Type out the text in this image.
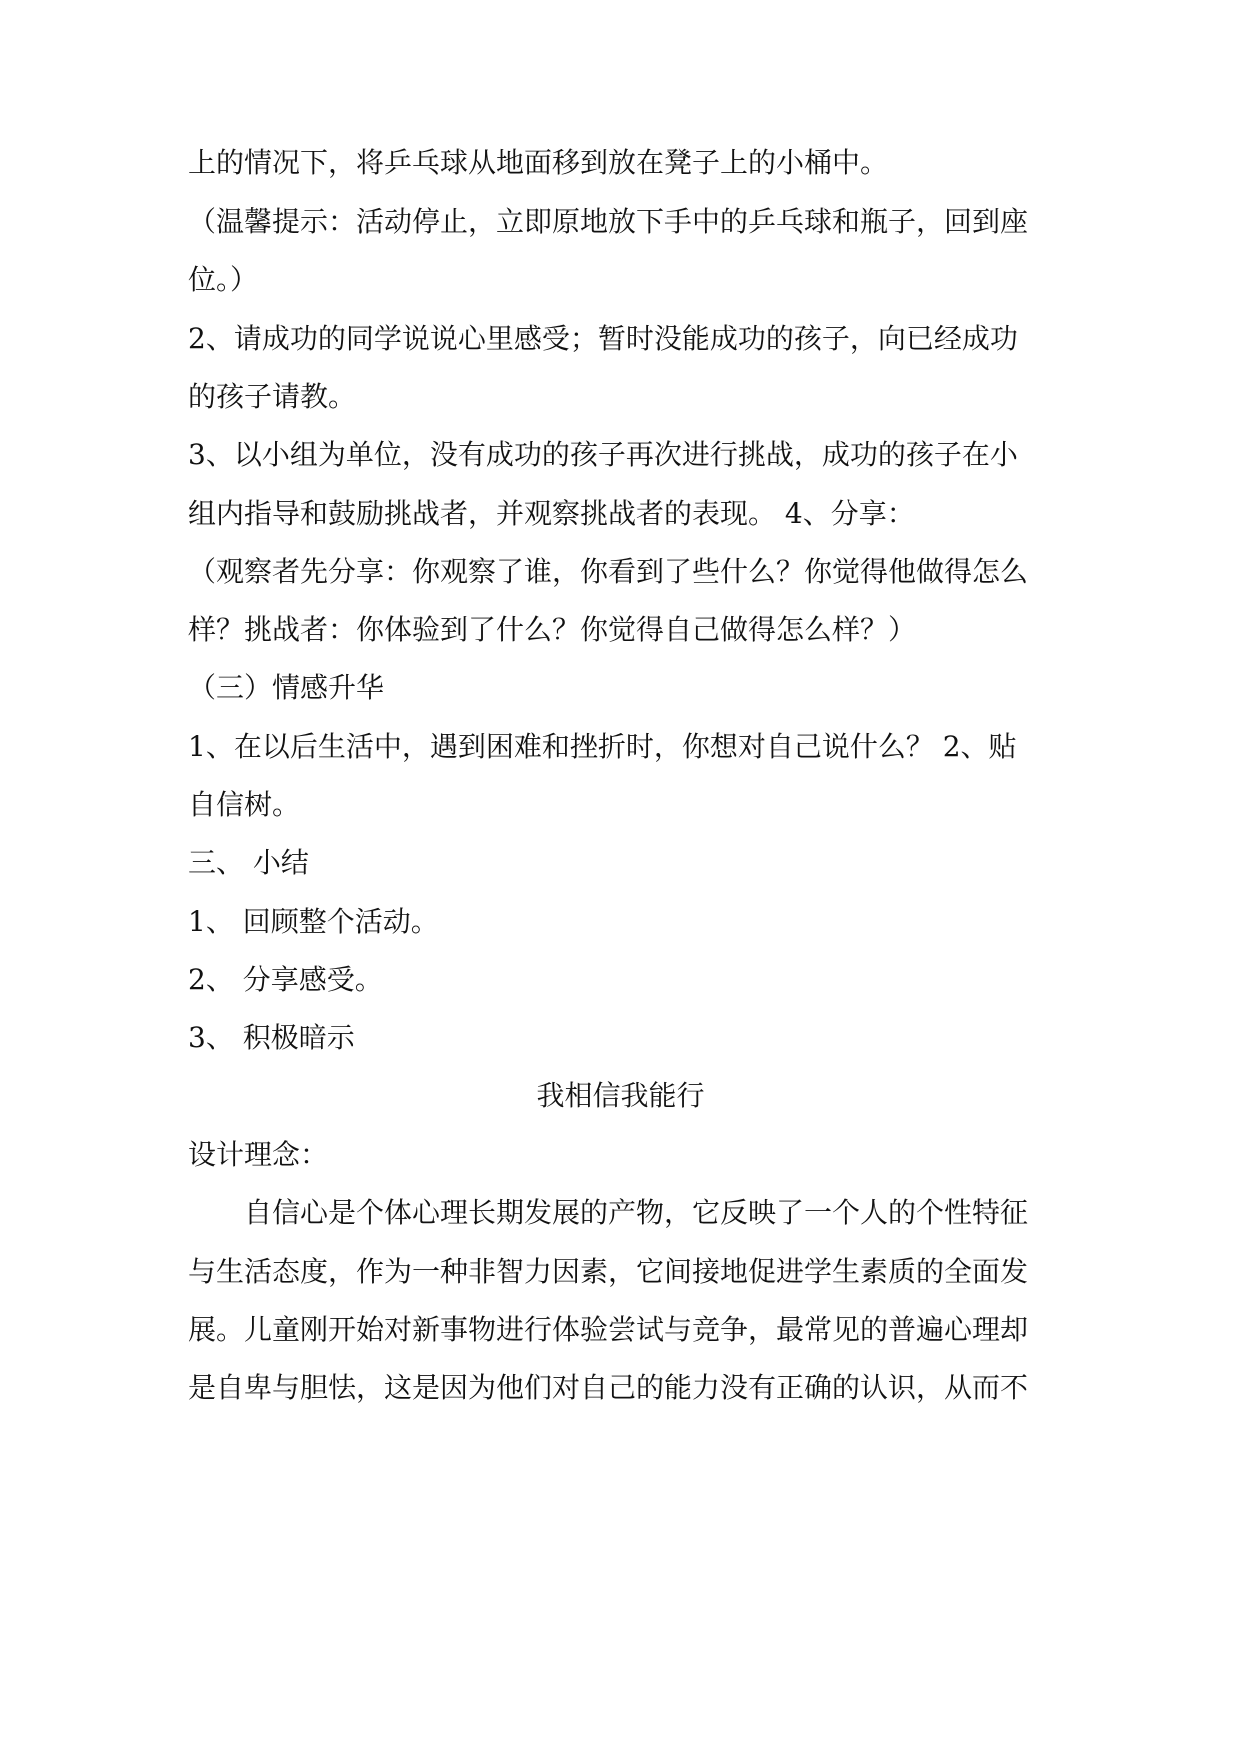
上的情况下，将乒乓球从地面移到放在凳子上的小桶中。

（温馨提示：活动停止，立即原地放下手中的乒乓球和瓶子，回到座

位。）

2、请成功的同学说说心里感受；暂时没能成功的孩子，向已经成功

的孩子请教。

3、以小组为单位，没有成功的孩子再次进行挑战，成功的孩子在小

组内指导和鼓励挑战者，并观察挑战者的表现。 4、分享：

（观察者先分享：你观察了谁，你看到了些什么？你觉得他做得怎么

样？挑战者：你体验到了什么？你觉得自己做得怎么样？）

（三）情感升华

1、在以后生活中，遇到困难和挫折时，你想对自己说什么？ 2、贴

自信树。

三、 小结

1、 回顾整个活动。

2、 分享感受。

3、 积极暗示

我相信我能行

设计理念：

　　自信心是个体心理长期发展的产物，它反映了一个人的个性特征

与生活态度，作为一种非智力因素，它间接地促进学生素质的全面发

展。儿童刚开始对新事物进行体验尝试与竞争，最常见的普遍心理却

是自卑与胆怯，这是因为他们对自己的能力没有正确的认识，从而不
